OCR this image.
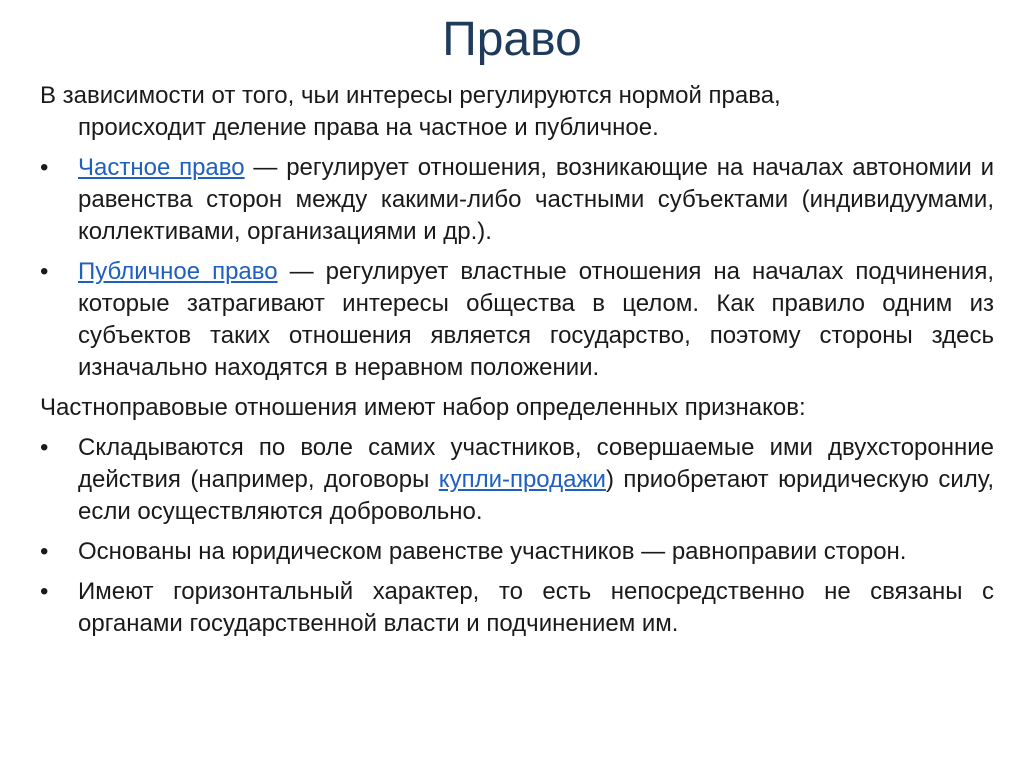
Право

В зависимости от того, чьи интересы регулируются нормой права,
происходит деление права на частное и публичное.

•	Частное право — регулирует отношения, возникающие на началах автономии и равенства сторон между какими-либо частными субъектами (индивидуумами, коллективами, организациями и др.).

•	Публичное право — регулирует властные отношения на началах подчинения, которые затрагивают интересы общества в целом. Как правило одним из субъектов таких отношения является государство, поэтому стороны здесь изначально находятся в неравном положении.

Частноправовые отношения имеют набор определенных признаков:

•	Складываются по воле самих участников, совершаемые ими двухсторонние действия (например, договоры купли-продажи) приобретают юридическую силу, если осуществляются добровольно.

•	Основаны на юридическом равенстве участников — равноправии сторон.

•	Имеют горизонтальный характер, то есть непосредственно не связаны с органами государственной власти и подчинением им.
